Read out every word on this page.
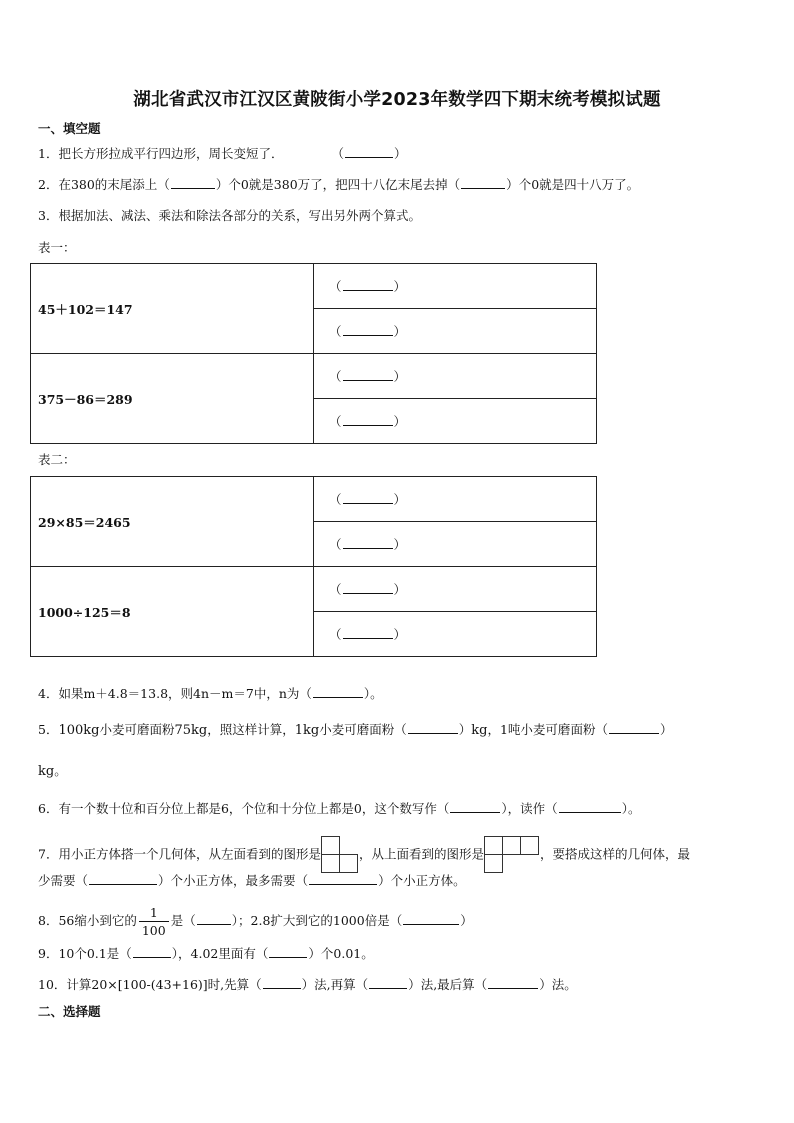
湖北省武汉市江汉区黄陂街小学2023年数学四下期末统考模拟试题
一、填空题
1．把长方形拉成平行四边形，周长变短了．	（	）
2．在380的末尾添上（	）个0就是380万了，把四十八亿末尾去掉（	）个0就是四十八万了。
3．根据加法、减法、乘法和除法各部分的关系，写出另外两个算式。
表一：
45＋102＝147	（ ）
	（ ）
375－86＝289	（ ）
	（ ）
表二：
29×85＝2465	（ ）
	（ ）
1000÷125＝8	（ ）
	（ ）
4．如果m＋4.8＝13.8，则4n－m＝7中，n为（	）。
5．100kg小麦可磨面粉75kg，照这样计算，1kg小麦可磨面粉（	）kg，1吨小麦可磨面粉（	）
kg。
6．有一个数十位和百分位上都是6，个位和十分位上都是0，这个数写作（	），读作（	）。
7．用小正方体搭一个几何体，从左面看到的图形是	，从上面看到的图形是	，要搭成这样的几何体，最
少需要（	）个小正方体，最多需要（	）个小正方体。
8．56缩小到它的 $\frac{1}{100}$ 是（	）；2.8扩大到它的1000倍是（	）
9．10个0.1是（	），4.02里面有（	）个0.01。
10．计算20×[100-(43+16)]时,先算（	）法,再算（	）法,最后算（	）法。
二、选择题
